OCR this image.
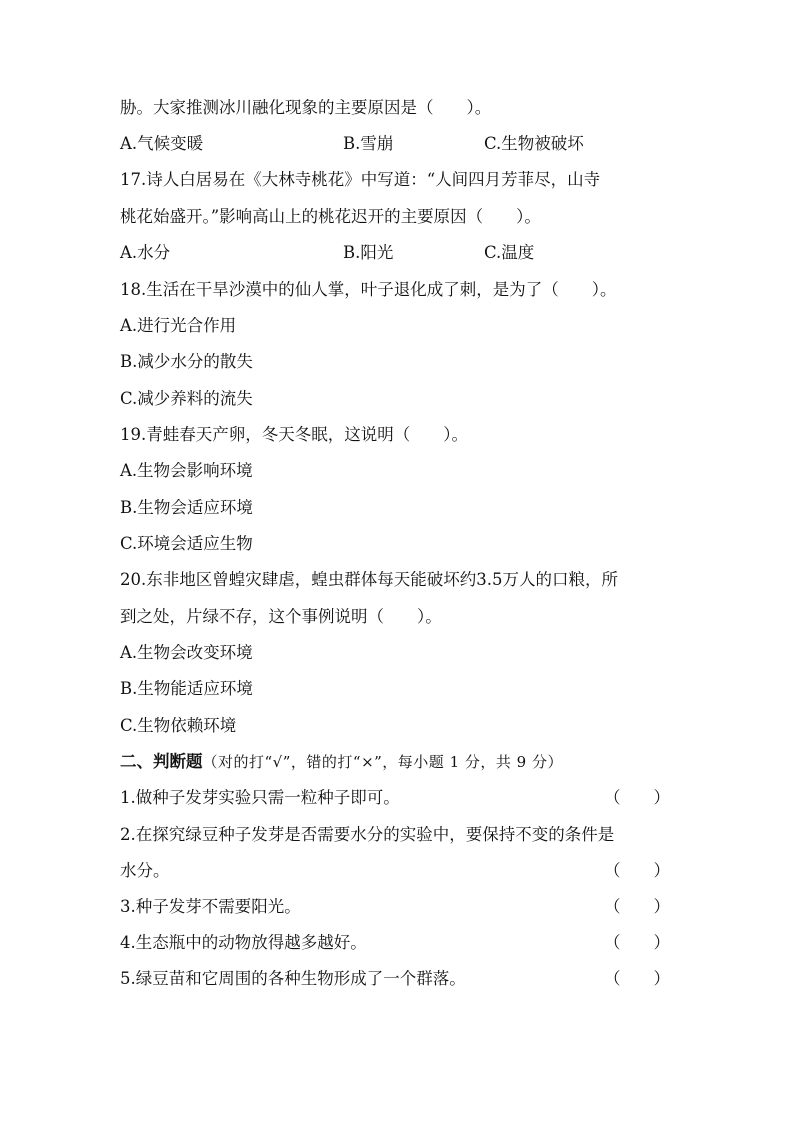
胁。大家推测冰川融化现象的主要原因是（　　）。
A.气候变暖	B.雪崩	C.生物被破坏
17.诗人白居易在《大林寺桃花》中写道：“人间四月芳菲尽，山寺
桃花始盛开。”影响高山上的桃花迟开的主要原因（　　）。
A.水分	B.阳光	C.温度
18.生活在干旱沙漠中的仙人掌，叶子退化成了刺，是为了（　　）。
A.进行光合作用
B.减少水分的散失
C.减少养料的流失
19.青蛙春天产卵，冬天冬眠，这说明（　　）。
A.生物会影响环境
B.生物会适应环境
C.环境会适应生物
20.东非地区曾蝗灾肆虐，蝗虫群体每天能破坏约3.5万人的口粮，所
到之处，片绿不存，这个事例说明（　　）。
A.生物会改变环境
B.生物能适应环境
C.生物依赖环境
二、判断题（对的打“√”，错的打“×”，每小题 1 分，共 9 分）
1.做种子发芽实验只需一粒种子即可。	（　　）
2.在探究绿豆种子发芽是否需要水分的实验中，要保持不变的条件是
水分。	（　　）
3.种子发芽不需要阳光。	（　　）
4.生态瓶中的动物放得越多越好。	（　　）
5.绿豆苗和它周围的各种生物形成了一个群落。	（　　）
